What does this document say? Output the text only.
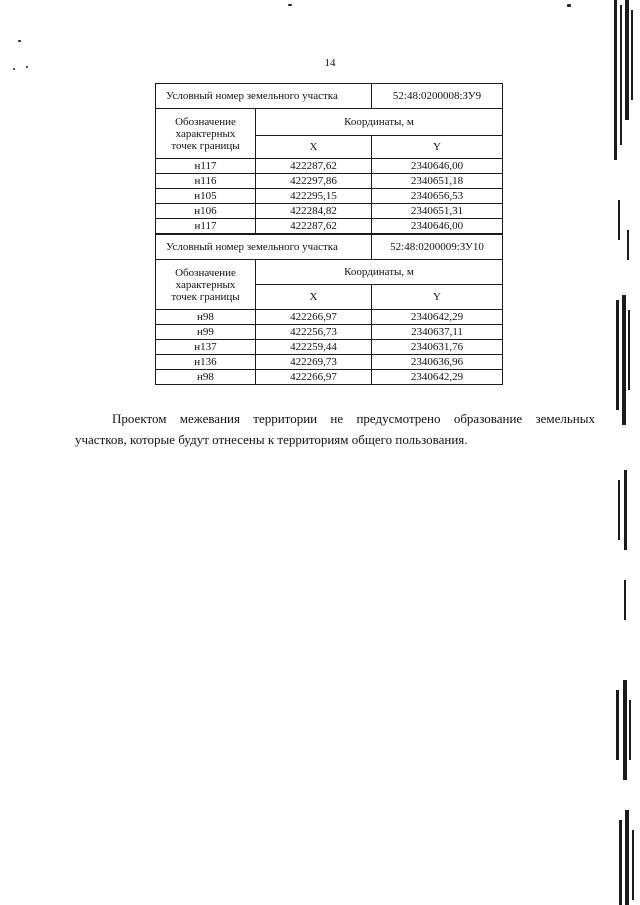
14
Условный номер земельного участка		52:48:0200008:ЗУ9

Обозначение
характерных
точек границы	Координаты, м	
	X	Y
н117	422287,62	2340646,00
н116	422297,86	2340651,18
н105	422295,15	2340656,53
н106	422284,82	2340651,31
н117	422287,62	2340646,00
Условный номер земельного участка		52:48:0200009:ЗУ10

Обозначение
характерных
точек границы	Координаты, м	
	X	Y
н98	422266,97	2340642,29
н99	422256,73	2340637,11
н137	422259,44	2340631,76
н136	422269,73	2340636,96
н98	422266,97	2340642,29
Проектом межевания территории не предусмотрено образование земельных
участков, которые будут отнесены к территориям общего пользования.
